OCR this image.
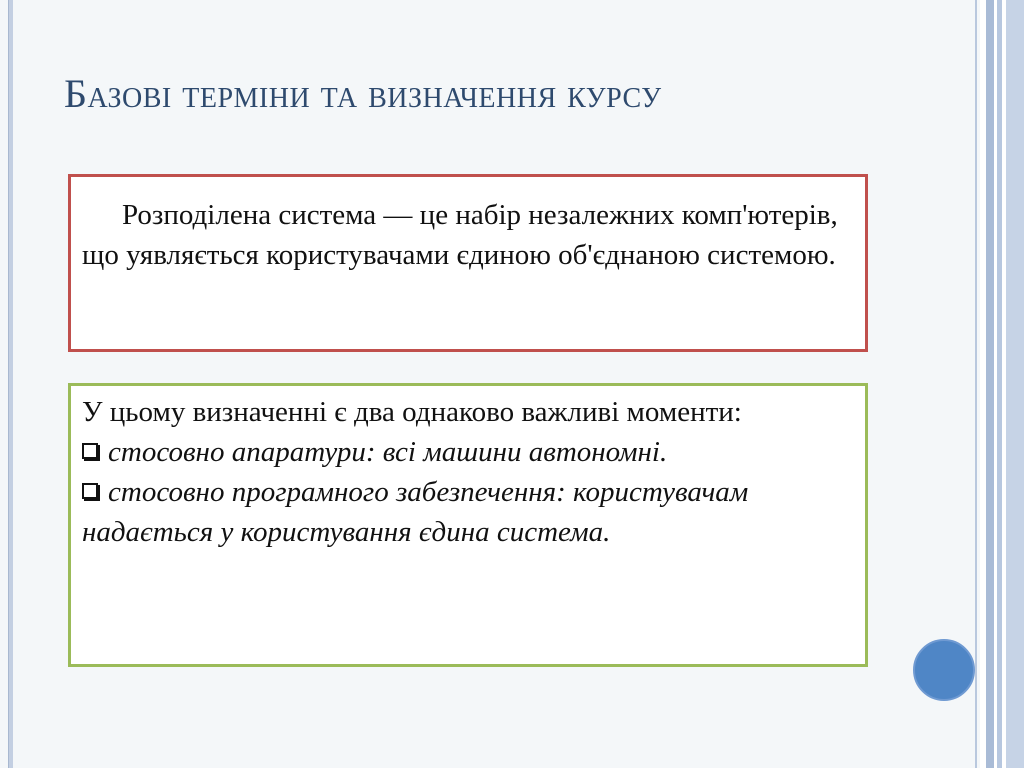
Базові терміни та визначення курсу
Розподілена система — це набір незалежних комп'ютерів, що уявляється користувачами єдиною об'єднаною системою.
У цьому визначенні є два однаково важливі моменти:
стосовно апаратури: всі машини автономні.
стосовно програмного забезпечення: користувачам надається у користування єдина система.
